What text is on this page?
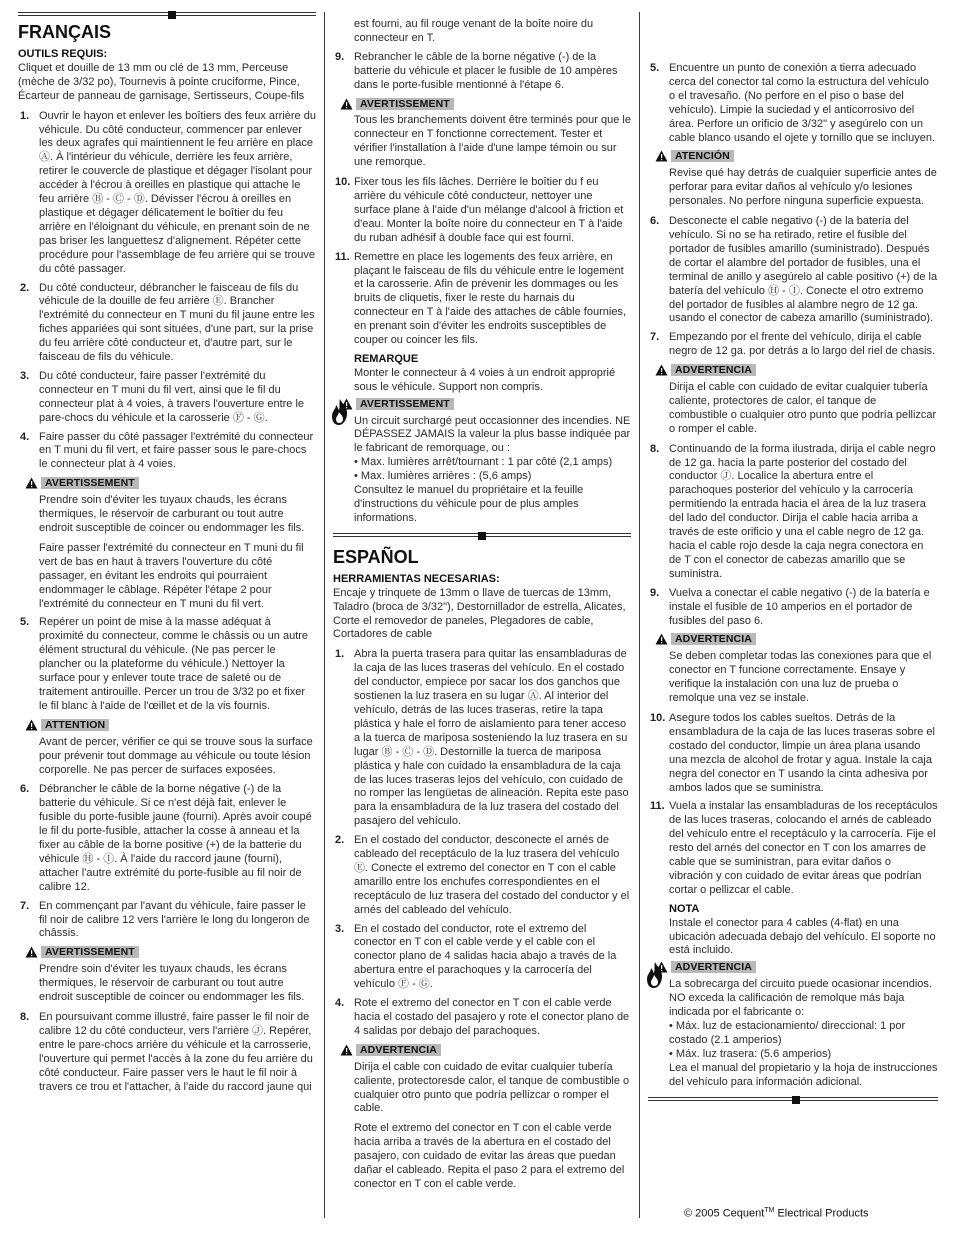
FRANÇAIS
OUTILS REQUIS:

Cliquet et douille de 13 mm ou clé de 13 mm, Perceuse (mèche de 3/32 po), Tournevis à pointe cruciforme, Pince, Écarteur de panneau de garnisage, Sertisseurs, Coupe-fils

1. Ouvrir le hayon et enlever les boîtiers des feux arrière du véhicule. Du côté conducteur, commencer par enlever les deux agrafes qui maintiennent le feu arrière en place Ⓐ. À l'intérieur du véhicule, derrière les feux arrière, retirer le couvercle de plastique et dégager l'isolant pour accéder à l'écrou à oreilles en plastique qui attache le feu arrière Ⓑ - Ⓒ - Ⓓ. Dévisser l'écrou à oreilles en plastique et dégager délicatement le boîtier du feu arrière en l'éloignant du véhicule, en prenant soin de ne pas briser les languettesz d'alignement. Répéter cette procédure pour l'assemblage de feu arrière qui se trouve du côté passager.
2. Du côté conducteur, débrancher le faisceau de fils du véhicule de la douille de feu arrière Ⓔ. Brancher l'extrémité du connecteur en T muni du fil jaune entre les fiches appariées qui sont situées, d'une part, sur la prise du feu arrière côté conducteur et, d'autre part, sur le faisceau de fils du véhicule.
3. Du côté conducteur, faire passer l'extrémité du connecteur en T muni du fil vert, ainsi que le fil du connecteur plat à 4 voies, à travers l'ouverture entre le pare-chocs du véhicule et la carosserie Ⓕ - Ⓖ.
4. Faire passer du côté passager l'extrémité du connecteur en T muni du fil vert, et faire passer sous le pare-chocs le connecteur plat à 4 voies.
AVERTISSEMENT

Prendre soin d'éviter les tuyaux chauds, les écrans thermiques, le réservoir de carburant ou tout autre endroit susceptible de coincer ou endommager les fils.

Faire passer l'extrémité du connecteur en T muni du fil vert de bas en haut à travers l'ouverture du côté passager, en évitant les endroits qui pourraient endommager le câblage. Répéter l'étape 2 pour l'extrémité du connecteur en T muni du fil vert.

5. Repérer un point de mise à la masse adéquat à proximité du connecteur, comme le châssis ou un autre élément structural du véhicule. (Ne pas percer le plancher ou la plateforme du véhicule.) Nettoyer la surface pour y enlever toute trace de saleté ou de traitement antirouille. Percer un trou de 3/32 po et fixer le fil blanc à l'aide de l'œillet et de la vis fournis.
ATTENTION

Avant de percer, vérifier ce qui se trouve sous la surface pour prévenir tout dommage au véhicule ou toute lésion corporelle. Ne pas percer de surfaces exposées.

6. Débrancher le câble de la borne négative (-) de la batterie du véhicule. Si ce n'est déjà fait, enlever le fusible du porte-fusible jaune (fourni). Après avoir coupé le fil du porte-fusible, attacher la cosse à anneau et la fixer au câble de la borne positive (+) de la batterie du véhicule Ⓗ - Ⓘ. À l'aide du raccord jaune (fourni), attacher l'autre extrémité du porte-fusible au fil noir de calibre 12.
7. En commençant par l'avant du véhicule, faire passer le fil noir de calibre 12 vers l'arrière le long du longeron de châssis.
AVERTISSEMENT

Prendre soin d'éviter les tuyaux chauds, les écrans thermiques, le réservoir de carburant ou tout autre endroit susceptible de coincer ou endommager les fils.

8. En poursuivant comme illustré, faire passer le fil noir de calibre 12 du côté conducteur, vers l'arrière Ⓙ. Repérer, entre le pare-chocs arrière du véhicule et la carrosserie, l'ouverture qui permet l'accès à la zone du feu arrière du côté conducteur. Faire passer vers le haut le fil noir à travers ce trou et l'attacher, à l'aide du raccord jaune qui

est fourni, au fil rouge venant de la boîte noire du connecteur en T.

9. Rebrancher le câble de la borne négative (-) de la batterie du véhicule et placer le fusible de 10 ampères dans le porte-fusible mentionné à l'étape 6.
AVERTISSEMENT

Tous les branchements doivent être terminés pour que le connecteur en T fonctionne correctement. Tester et vérifier l'installation à l'aide d'une lampe témoin ou sur une remorque.

10. Fixer tous les fils lâches. Derrière le boîtier du f eu arrière du véhicule côté conducteur, nettoyer une surface plane à l'aide d'un mélange d'alcool à friction et d'eau. Monter la boîte noire du connecteur en T à l'aide du ruban adhésif à double face qui est fourni.
11. Remettre en place les logements des feux arrière, en plaçant le faisceau de fils du véhicule entre le logement et la carosserie. Afin de prévenir les dommages ou les bruits de cliquetis, fixer le reste du harnais du connecteur en T à l'aide des attaches de câble fournies, en prenant soin d'éviter les endroits susceptibles de couper ou coincer les fils.
REMARQUE

Monter le connecteur à 4 voies à un endroit approprié sous le véhicule. Support non compris.

AVERTISSEMENT

Un circuit surchargé peut occasionner des incendies. NE DÉPASSEZ JAMAIS la valeur la plus basse indiquée par le fabricant de remorquage, ou :

• Max. lumières arrêt/tournant : 1 par côté (2,1 amps)

• Max. lumières arrières : (5,6 amps)

Consultez le manuel du propriétaire et la feuille d'instructions du véhicule pour de plus amples informations.

ESPAÑOL
HERRAMIENTAS NECESARIAS:

Encaje y trinquete de 13mm o llave de tuercas de 13mm, Taladro (broca de 3/32"), Destornillador de estrella, Alicates, Corte el removedor de paneles, Plegadores de cable, Cortadores de cable

1. Abra la puerta trasera para quitar las ensambladuras de la caja de las luces traseras del vehículo. En el costado del conductor, empiece por sacar los dos ganchos que sostienen la luz trasera en su lugar Ⓐ. Al interior del vehículo, detrás de las luces traseras, retire la tapa plástica y hale el forro de aislamiento para tener acceso a la tuerca de mariposa sosteniendo la luz trasera en su lugar Ⓑ - Ⓒ - Ⓓ. Destornille la tuerca de mariposa plástica y hale con cuidado la ensambladura de la caja de las luces traseras lejos del vehículo, con cuidado de no romper las lengüetas de alineación. Repita este paso para la ensambladura de la luz trasera del costado del pasajero del vehículo.
2. En el costado del conductor, desconecte el arnés de cableado del receptáculo de la luz trasera del vehículo Ⓔ. Conecte el extremo del conector en T con el cable amarillo entre los enchufes correspondientes en el receptáculo de luz trasera del costado del conductor y el arnés del cableado del vehículo.
3. En el costado del conductor, rote el extremo del conector en T con el cable verde y el cable con el conector plano de 4 salidas hacia abajo a través de la abertura entre el parachoques y la carrocería del vehículo Ⓕ - Ⓖ.
4. Rote el extremo del conector en T con el cable verde hacia el costado del pasajero y rote el conector plano de 4 salidas por debajo del parachoques.
ADVERTENCIA

Dirija el cable con cuidado de evitar cualquier tubería caliente, protectoresde calor, el tanque de combustible o cualquier otro punto que podría pellizcar o romper el cable.

Rote el extremo del conector en T con el cable verde hacia arriba a través de la abertura en el costado del pasajero, con cuidado de evitar las áreas que puedan dañar el cableado. Repita el paso 2 para el extremo del conector en T con el cable verde.

5. Encuentre un punto de conexión a tierra adecuado cerca del conector tal como la estructura del vehículo o el travesaño. (No perfore en el piso o base del vehículo). Limpie la suciedad y el anticorrosivo del área. Perfore un orificio de 3/32" y asegúrelo con un cable blanco usando el ojete y tornillo que se incluyen.
ATENCIÓN

Revise qué hay detrás de cualquier superficie antes de perforar para evitar daños al vehículo y/o lesiones personales. No perfore ninguna superficie expuesta.

6. Desconecte el cable negativo (-) de la batería del vehículo. Si no se ha retirado, retire el fusible del portador de fusibles amarillo (suministrado). Después de cortar el alambre del portador de fusibles, una el terminal de anillo y asegúrelo al cable positivo (+) de la batería del vehículo Ⓗ - Ⓘ. Conecte el otro extremo del portador de fusibles al alambre negro de 12 ga. usando el conector de cabeza amarillo (suministrado).
7. Empezando por el frente del vehículo, dirija el cable negro de 12 ga. por detrás a lo largo del riel de chasis.
ADVERTENCIA

Dirija el cable con cuidado de evitar cualquier tubería caliente, protectores de calor, el tanque de combustible o cualquier otro punto que podría pellizcar o romper el cable.

8. Continuando de la forma ilustrada, dirija el cable negro de 12 ga. hacia la parte posterior del costado del conductor Ⓙ. Localice la abertura entre el parachoques posterior del vehículo y la carrocería permitiendo la entrada hacia el área de la luz trasera del lado del conductor. Dirija el cable hacia arriba a través de este orificio y una el cable negro de 12 ga. hacia el cable rojo desde la caja negra conectora en de T con el conector de cabezas amarillo que se suministra.
9. Vuelva a conectar el cable negativo (-) de la batería e instale el fusible de 10 amperios en el portador de fusibles del paso 6.
ADVERTENCIA

Se deben completar todas las conexiones para que el conector en T funcione correctamente. Ensaye y verifique la instalación con una luz de prueba o remolque una vez se instale.

10. Asegure todos los cables sueltos. Detrás de la ensambladura de la caja de las luces traseras sobre el costado del conductor, limpie un área plana usando una mezcla de alcohol de frotar y agua. Instale la caja negra del conector en T usando la cinta adhesiva por ambos lados que se suministra.
11. Vuela a instalar las ensambladuras de los receptáculos de las luces traseras, colocando el arnés de cableado del vehículo entre el receptáculo y la carrocería. Fije el resto del arnés del conector en T con los amarres de cable que se suministran, para evitar daños o vibración y con cuidado de evitar áreas que podrían cortar o pellizcar el cable.
NOTA

Instale el conector para 4 cables (4-flat) en una ubicación adecuada debajo del vehículo. El soporte no está incluido.

ADVERTENCIA

La sobrecarga del circuito puede ocasionar incendios. NO exceda la calificación de remolque más baja indicada por el fabricante o:

• Máx. luz de estacionamiento/ direccional: 1 por costado (2.1 amperios)

• Máx. luz trasera: (5.6 amperios)

Lea el manual del propietario y la hoja de instrucciones del vehículo para información adicional.

© 2005 Cequent™ Electrical Products
